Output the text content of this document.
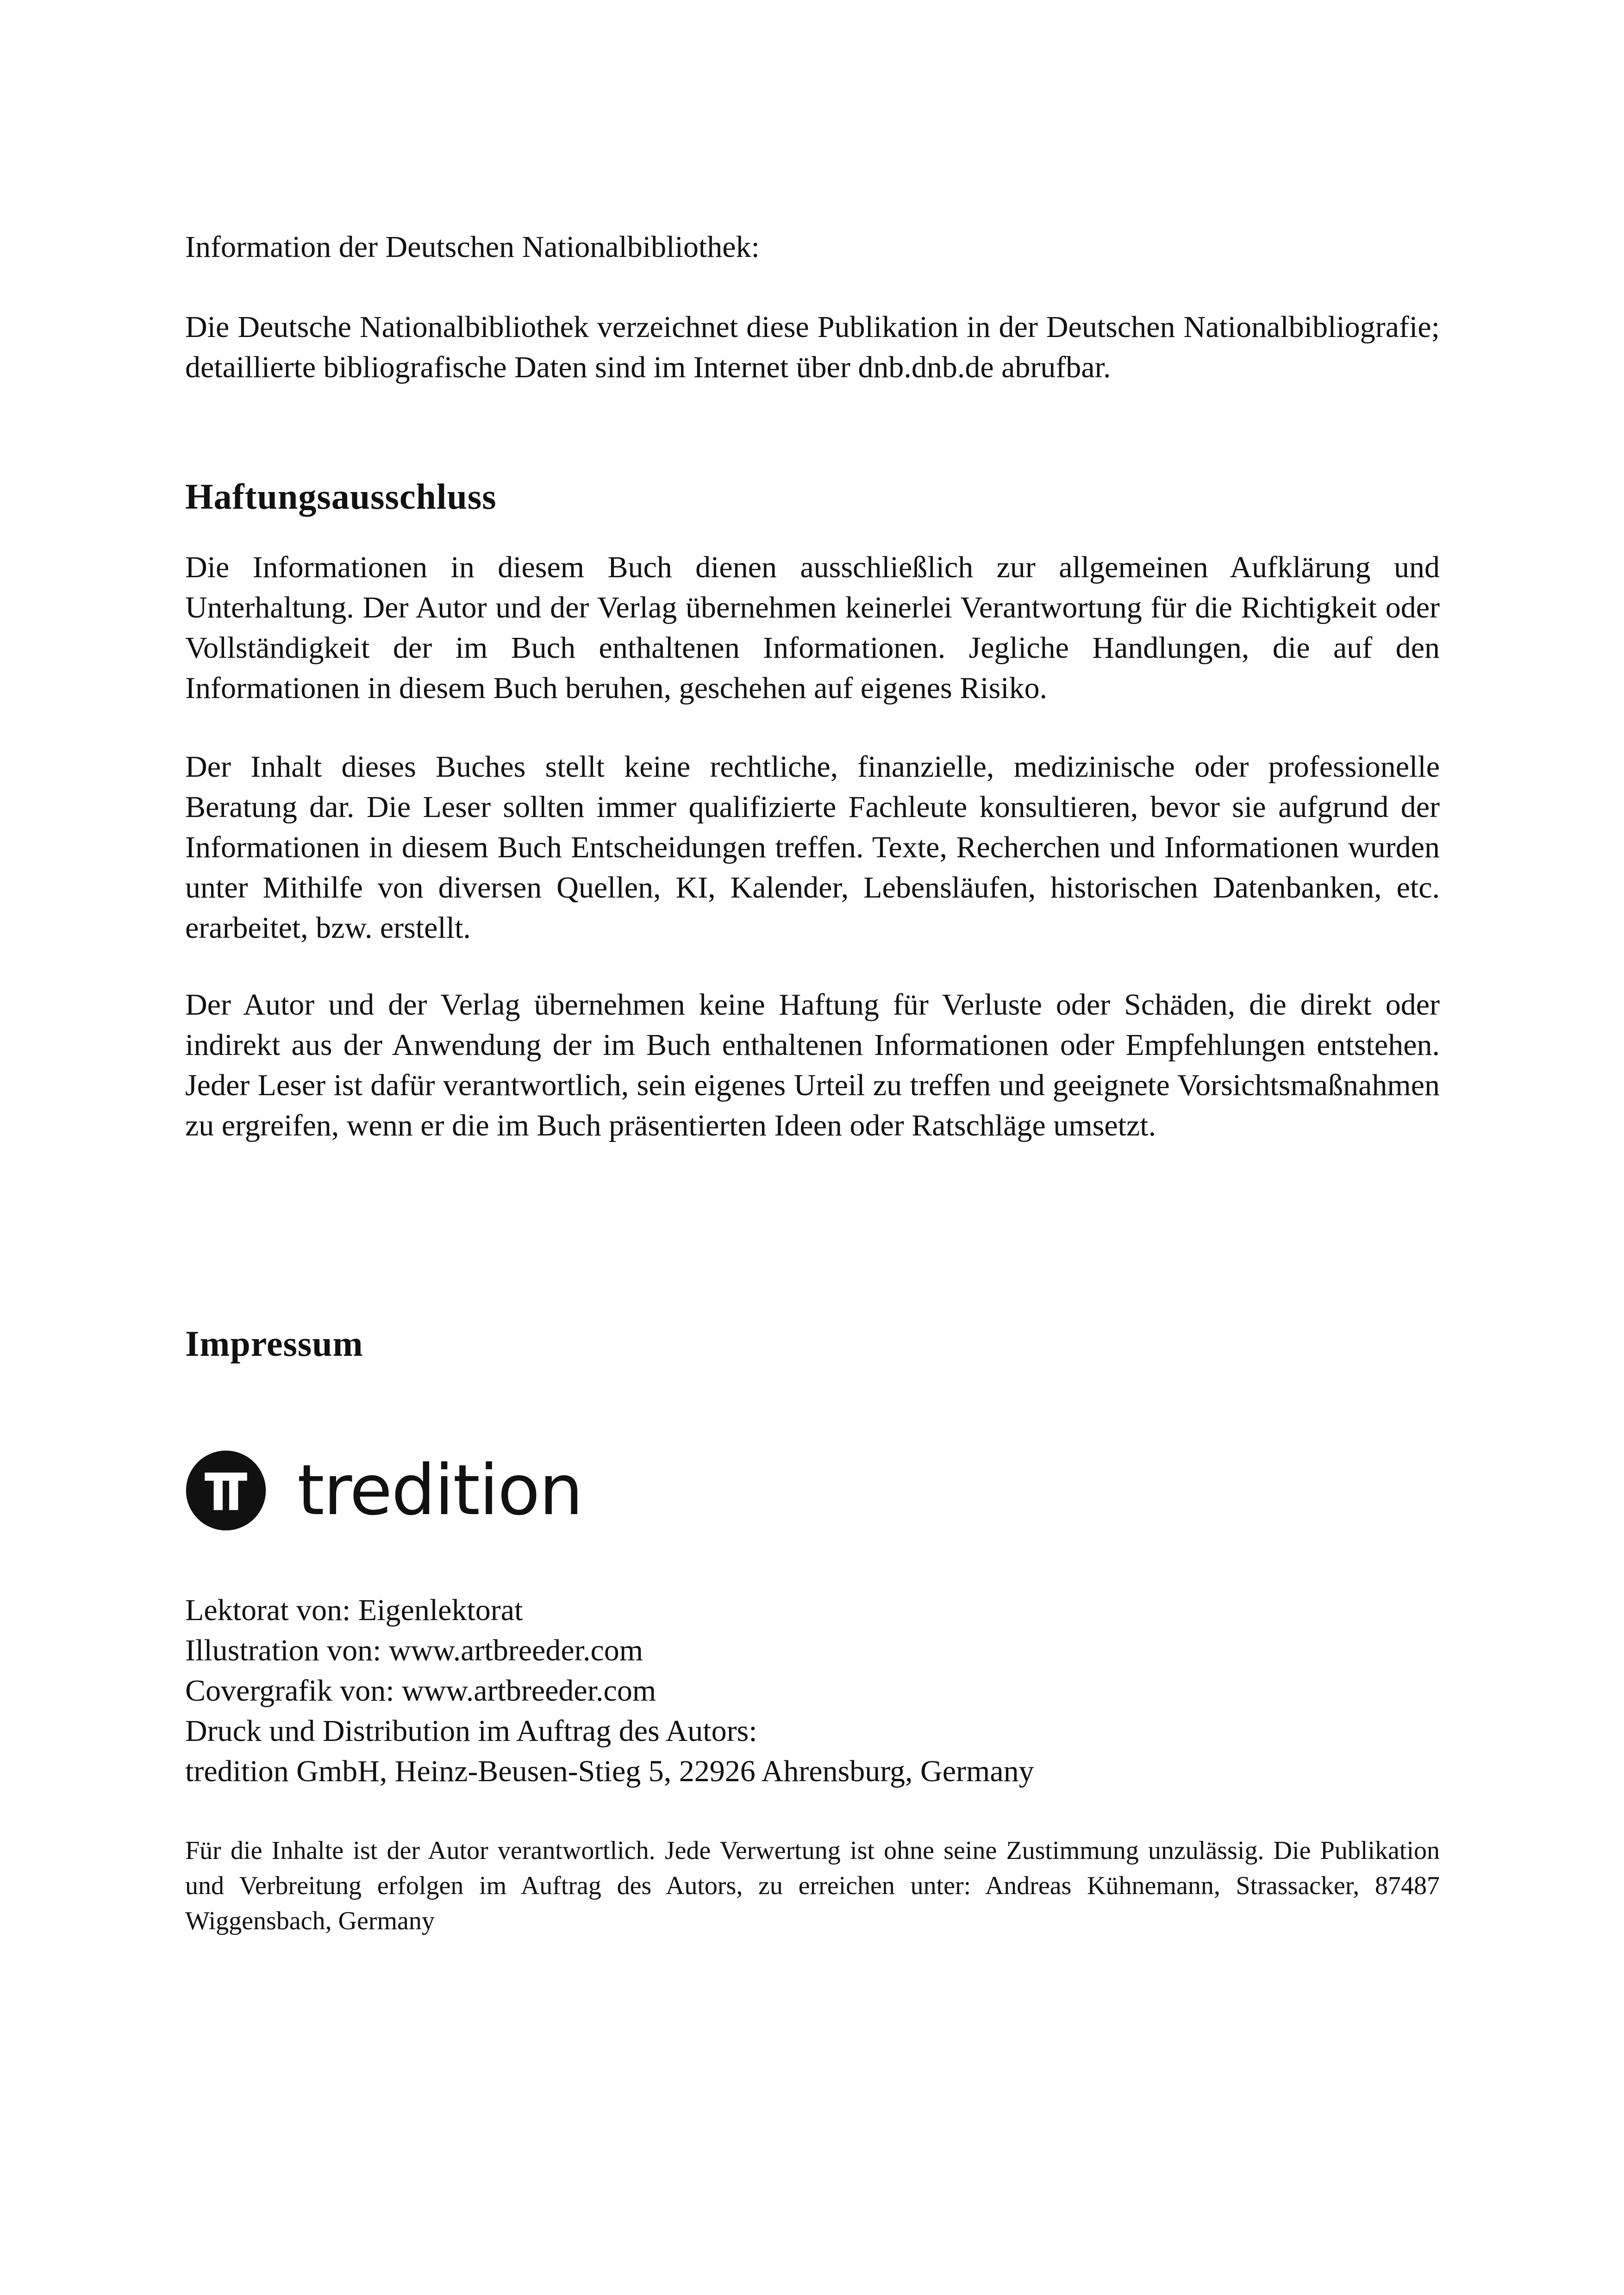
Information der Deutschen Nationalbibliothek:

Die Deutsche Nationalbibliothek verzeichnet diese Publikation in der Deutschen Nationalbibliografie; detaillierte bibliografische Daten sind im Internet über dnb.dnb.de abrufbar.

Haftungsausschluss

Die Informationen in diesem Buch dienen ausschließlich zur allgemeinen Aufklärung und Unterhaltung. Der Autor und der Verlag übernehmen keinerlei Verantwortung für die Richtigkeit oder Vollständigkeit der im Buch enthaltenen Informationen. Jegliche Handlungen, die auf den Informationen in diesem Buch beruhen, geschehen auf eigenes Risiko.

Der Inhalt dieses Buches stellt keine rechtliche, finanzielle, medizinische oder professionelle Beratung dar. Die Leser sollten immer qualifizierte Fachleute konsultieren, bevor sie aufgrund der Informationen in diesem Buch Entscheidungen treffen. Texte, Recherchen und Informationen wurden unter Mithilfe von diversen Quellen, KI, Kalender, Lebensläufen, historischen Datenbanken, etc. erarbeitet, bzw. erstellt.

Der Autor und der Verlag übernehmen keine Haftung für Verluste oder Schäden, die direkt oder indirekt aus der Anwendung der im Buch enthaltenen Informationen oder Empfehlungen entstehen. Jeder Leser ist dafür verantwortlich, sein eigenes Urteil zu treffen und geeignete Vorsichtsmaßnahmen zu ergreifen, wenn er die im Buch präsentierten Ideen oder Ratschläge umsetzt.

Impressum
tredition

Lektorat von: Eigenlektorat
Illustration von: www.artbreeder.com
Covergrafik von: www.artbreeder.com
Druck und Distribution im Auftrag des Autors:
tredition GmbH, Heinz-Beusen-Stieg 5, 22926 Ahrensburg, Germany

Für die Inhalte ist der Autor verantwortlich. Jede Verwertung ist ohne seine Zustimmung unzulässig. Die Publikation und Verbreitung erfolgen im Auftrag des Autors, zu erreichen unter: Andreas Kühnemann, Strassacker, 87487 Wiggensbach, Germany
